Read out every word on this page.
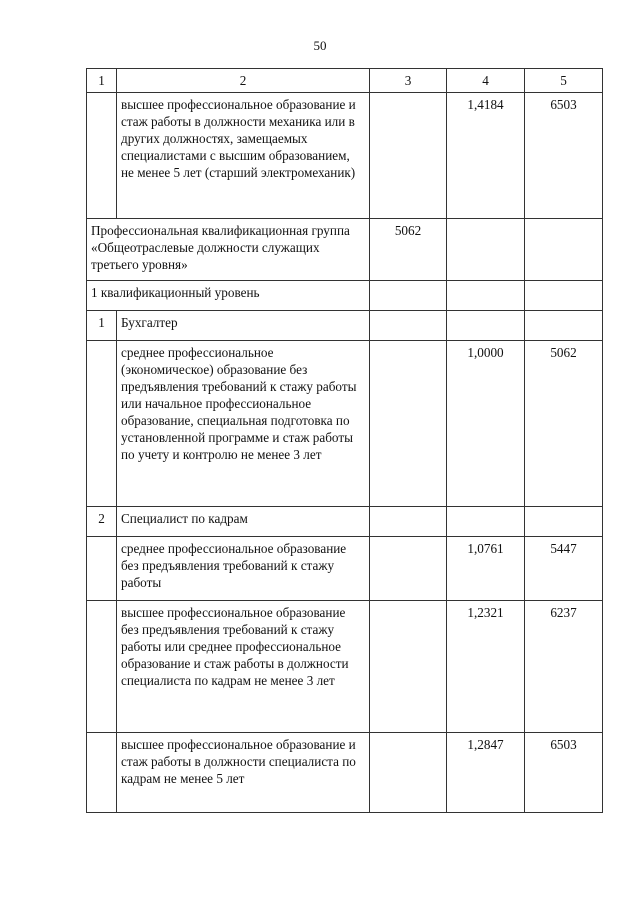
50
1	2	3	4	5
	высшее профессиональное образование и стаж работы в должности механика или в других должностях, замещаемых специалистами с высшим образованием, не менее 5 лет (старший электромеханик)		1,4184	6503
Профессиональная квалификационная группа «Общеотраслевые должности служащих третьего уровня»		5062		
1 квалификационный уровень				
1	Бухгалтер			
	среднее профессиональное (экономическое) образование без предъявления требований к стажу работы или начальное профессиональное образование, специальная подготовка по установленной программе и стаж работы по учету и контролю не менее 3 лет		1,0000	5062
2	Специалист по кадрам			
	среднее профессиональное образование без предъявления требований к стажу работы		1,0761	5447
	высшее профессиональное образование без предъявления требований к стажу работы или среднее профессиональное образование и стаж работы в должности специалиста по кадрам не менее 3 лет		1,2321	6237
	высшее профессиональное образование и стаж работы в должности специалиста по кадрам не менее 5 лет		1,2847	6503
